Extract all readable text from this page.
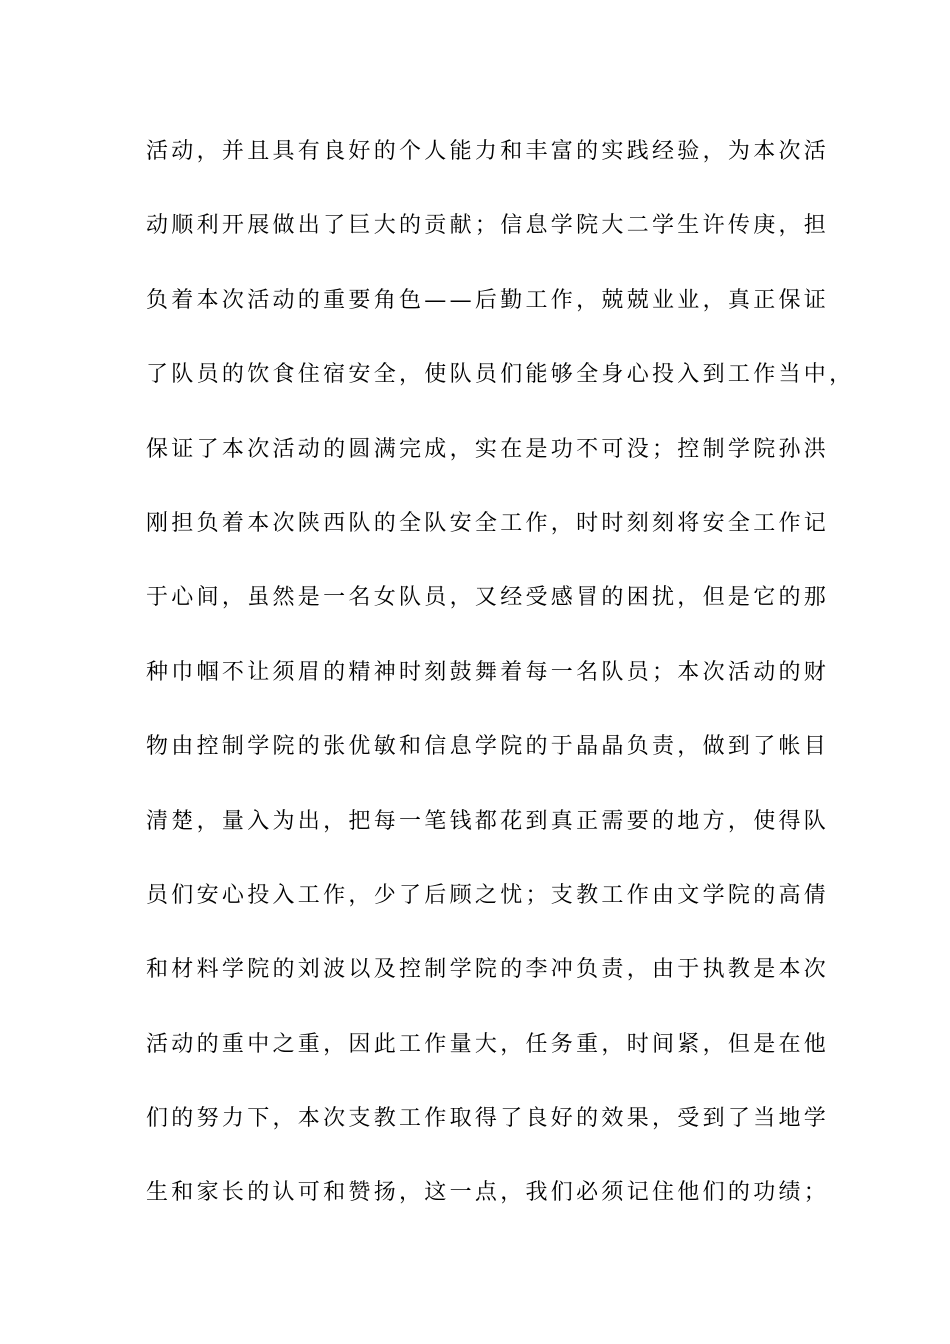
活动，并且具有良好的个人能力和丰富的实践经验，为本次活
动顺利开展做出了巨大的贡献；信息学院大二学生许传庚，担
负着本次活动的重要角色——后勤工作，兢兢业业，真正保证
了队员的饮食住宿安全，使队员们能够全身心投入到工作当中，
保证了本次活动的圆满完成，实在是功不可没；控制学院孙洪
刚担负着本次陕西队的全队安全工作，时时刻刻将安全工作记
于心间，虽然是一名女队员，又经受感冒的困扰，但是它的那
种巾帼不让须眉的精神时刻鼓舞着每一名队员；本次活动的财
物由控制学院的张优敏和信息学院的于晶晶负责，做到了帐目
清楚，量入为出，把每一笔钱都花到真正需要的地方，使得队
员们安心投入工作，少了后顾之忧；支教工作由文学院的高倩
和材料学院的刘波以及控制学院的李冲负责，由于执教是本次
活动的重中之重，因此工作量大，任务重，时间紧，但是在他
们的努力下，本次支教工作取得了良好的效果，受到了当地学
生和家长的认可和赞扬，这一点，我们必须记住他们的功绩；
